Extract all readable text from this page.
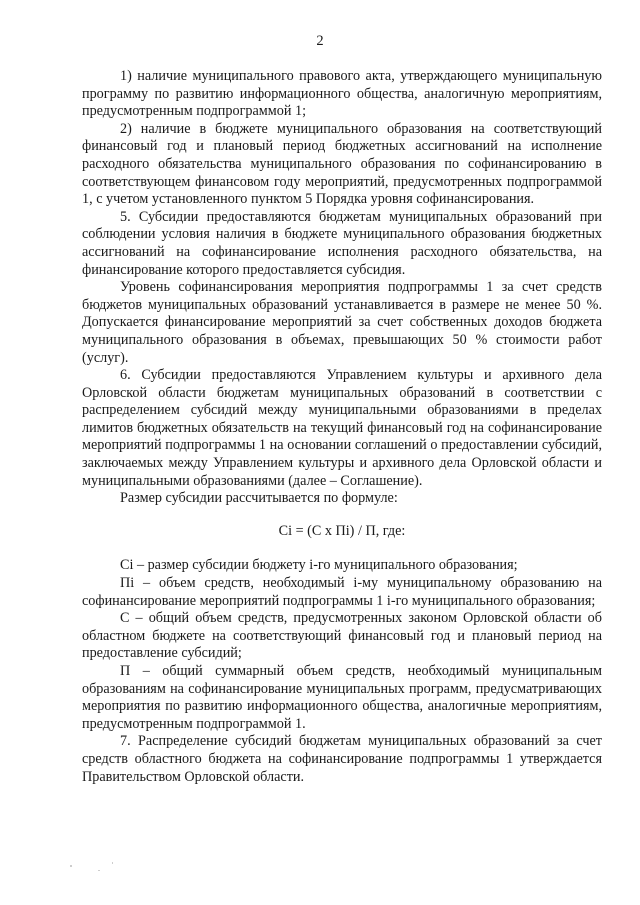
2

1) наличие муниципального правового акта, утверждающего муниципальную программу по развитию информационного общества, аналогичную мероприятиям, предусмотренным подпрограммой 1;

2) наличие в бюджете муниципального образования на соответствующий финансовый год и плановый период бюджетных ассигнований на исполнение расходного обязательства муниципального образования по софинансированию в соответствующем финансовом году мероприятий, предусмотренных подпрограммой 1, с учетом установленного пунктом 5 Порядка уровня софинансирования.

5. Субсидии предоставляются бюджетам муниципальных образований при соблюдении условия наличия в бюджете муниципального образования бюджетных ассигнований на софинансирование исполнения расходного обязательства, на финансирование которого предоставляется субсидия.

Уровень софинансирования мероприятия подпрограммы 1 за счет средств бюджетов муниципальных образований устанавливается в размере не менее 50 %. Допускается финансирование мероприятий за счет собственных доходов бюджета муниципального образования в объемах, превышающих 50 % стоимости работ (услуг).

6. Субсидии предоставляются Управлением культуры и архивного дела Орловской области бюджетам муниципальных образований в соответствии с распределением субсидий между муниципальными образованиями в пределах лимитов бюджетных обязательств на текущий финансовый год на софинансирование мероприятий подпрограммы 1 на основании соглашений о предоставлении субсидий, заключаемых между Управлением культуры и архивного дела Орловской области и муниципальными образованиями (далее – Соглашение).

Размер субсидии рассчитывается по формуле:

Ci = (С х Пi) / П, где:

Ci – размер субсидии бюджету i-го муниципального образования;

Пi – объем средств, необходимый i-му муниципальному образованию на софинансирование мероприятий подпрограммы 1 i-го муниципального образования;

С – общий объем средств, предусмотренных законом Орловской области об областном бюджете на соответствующий финансовый год и плановый период на предоставление субсидий;

П – общий суммарный объем средств, необходимый муниципальным образованиям на софинансирование муниципальных программ, предусматривающих мероприятия по развитию информационного общества, аналогичные мероприятиям, предусмотренным подпрограммой 1.

7. Распределение субсидий бюджетам муниципальных образований за счет средств областного бюджета на софинансирование подпрограммы 1 утверждается Правительством Орловской области.
